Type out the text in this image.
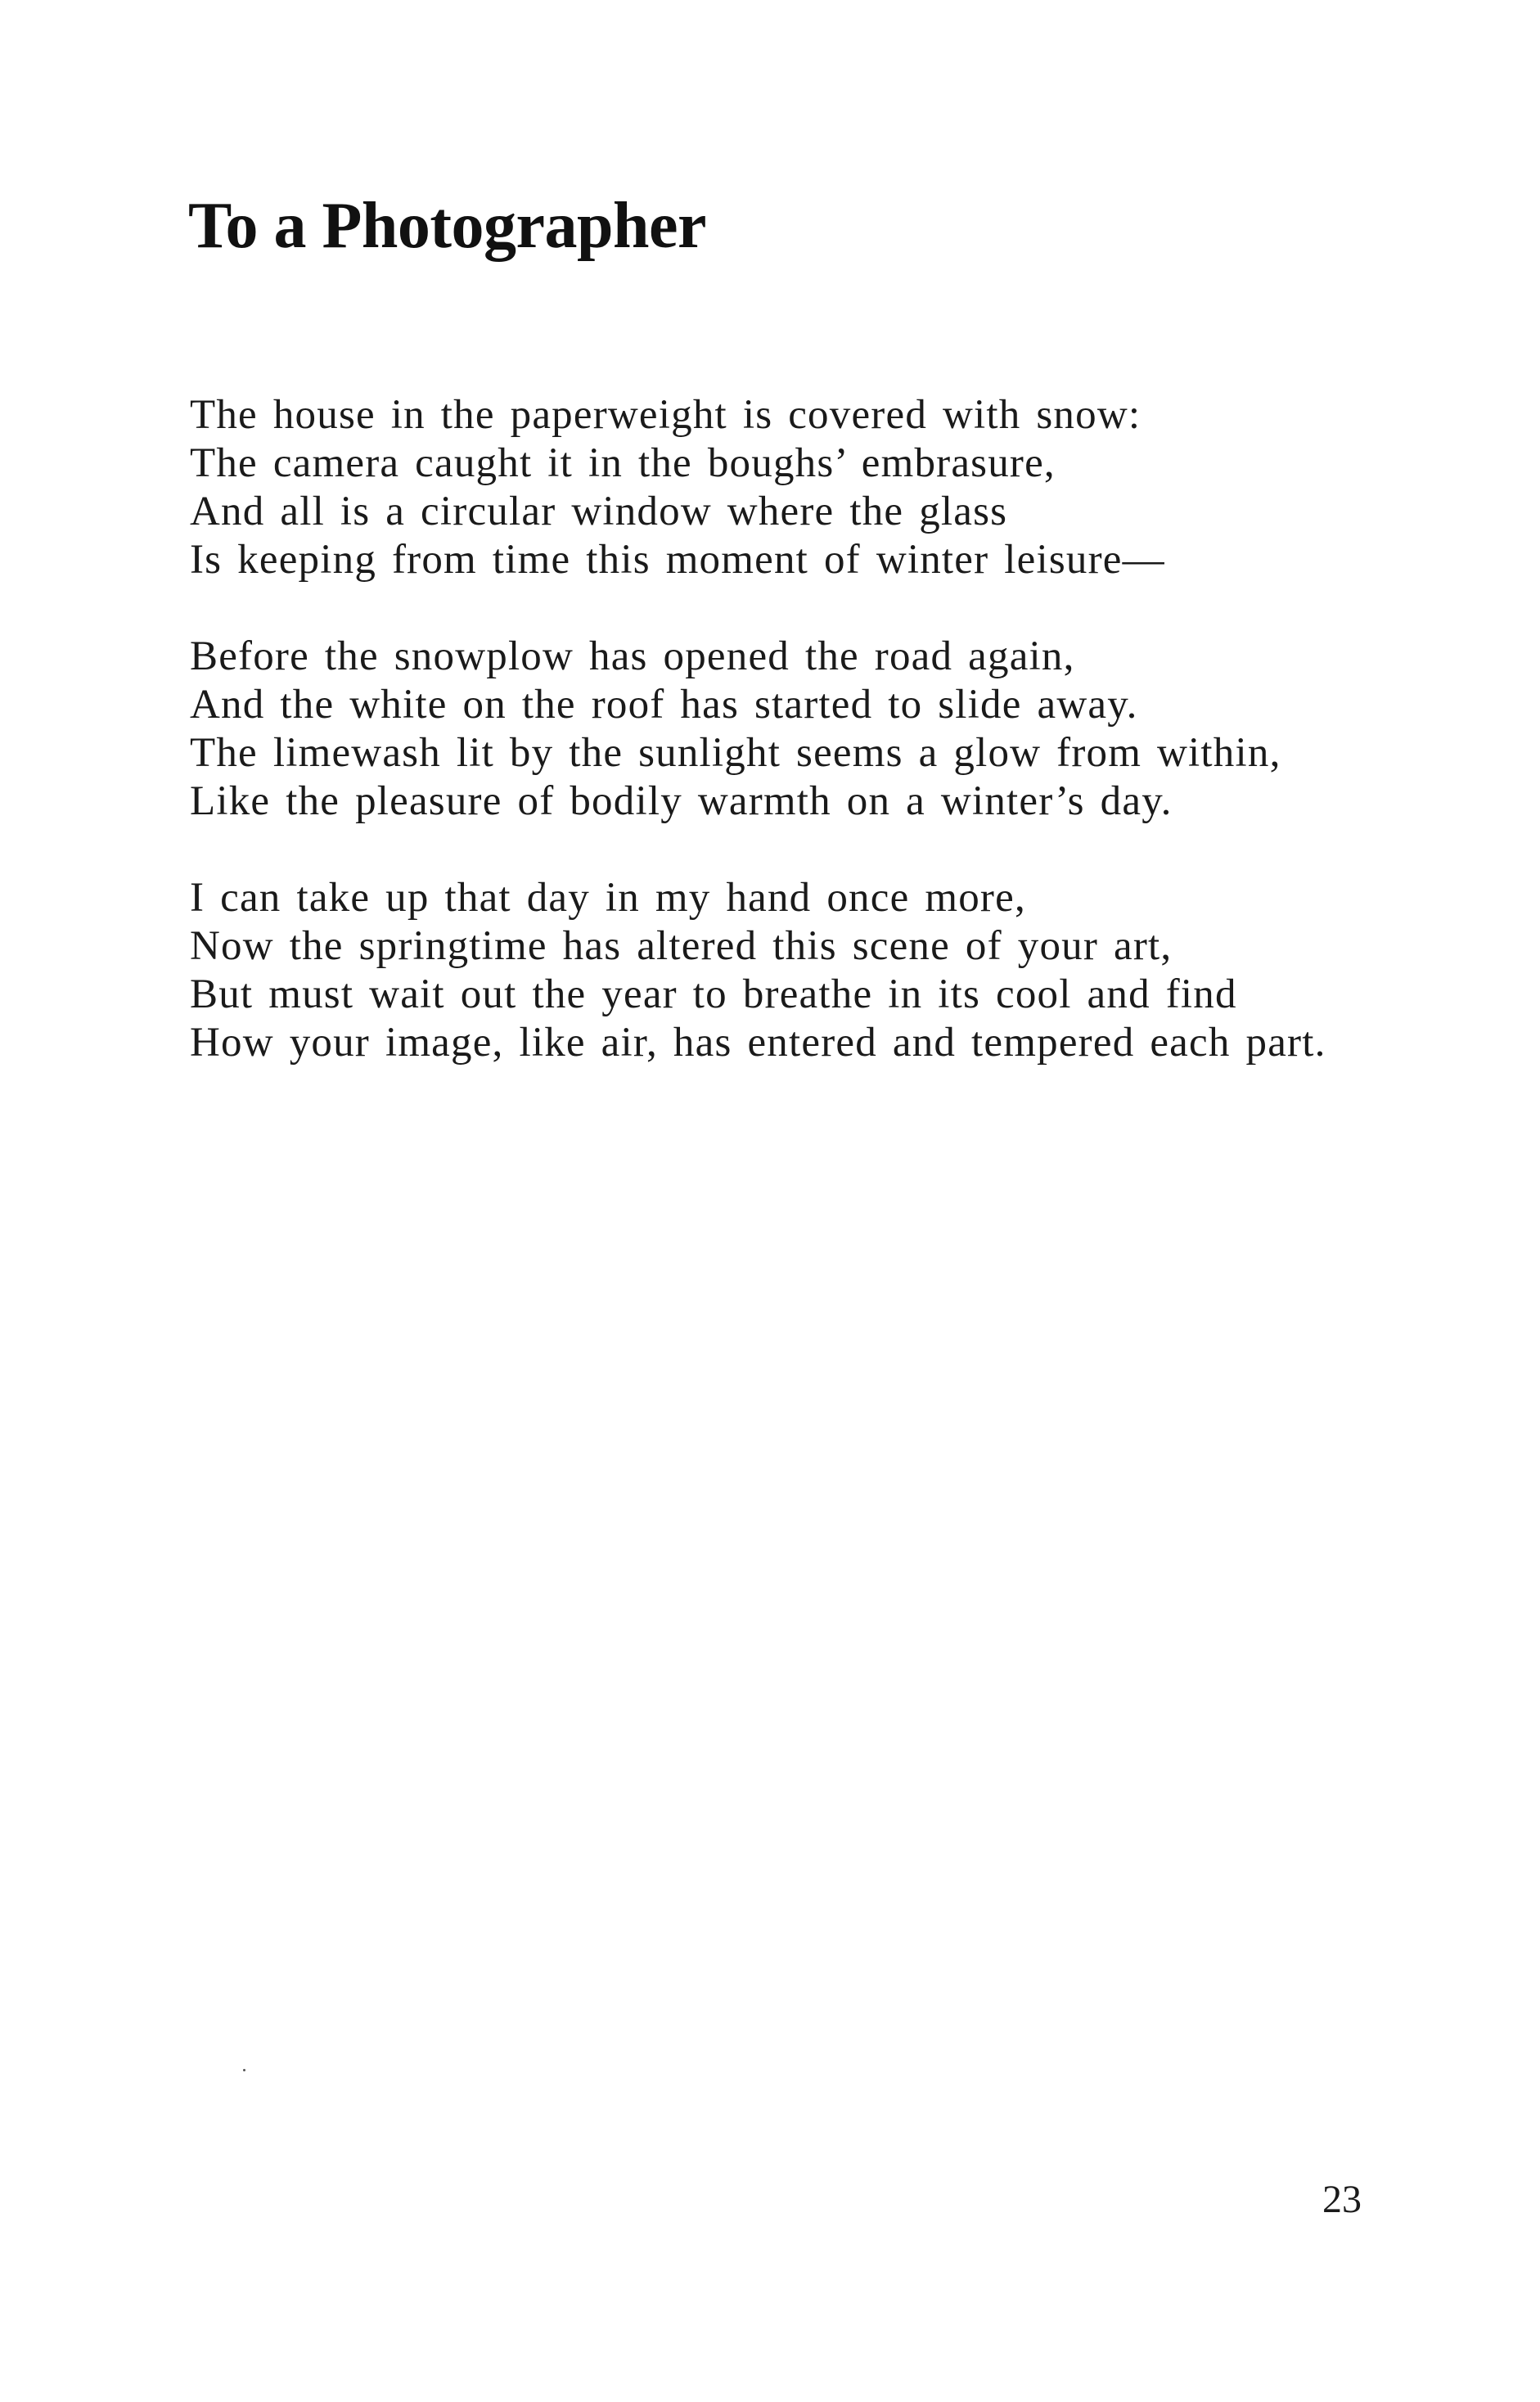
To a Photographer
The house in the paperweight is covered with snow:
The camera caught it in the boughs’ embrasure,
And all is a circular window where the glass
Is keeping from time this moment of winter leisure—
Before the snowplow has opened the road again,
And the white on the roof has started to slide away.
The limewash lit by the sunlight seems a glow from within,
Like the pleasure of bodily warmth on a winter’s day.
I can take up that day in my hand once more,
Now the springtime has altered this scene of your art,
But must wait out the year to breathe in its cool and find
How your image, like air, has entered and tempered each part.
23
